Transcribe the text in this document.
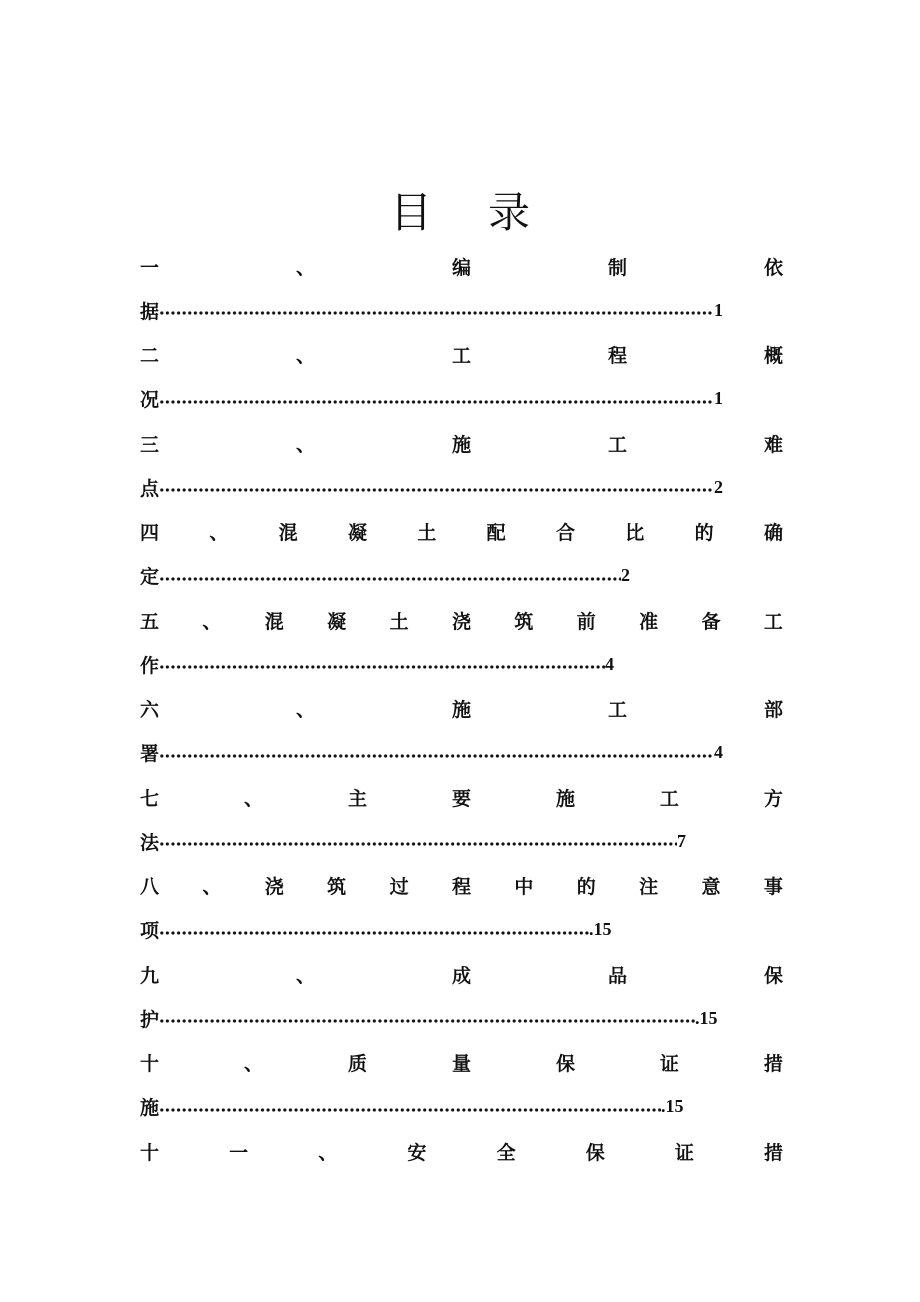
目 录
一	、	编	制	依
据	1
二	、	工	程	概
况	1
三	、	施	工	难
点	2
四	、	混	凝	土	配	合	比	的	确
定	2
五 、 混 凝 土 浇 筑 前 准 备 工
作	4
六	、	施	工	部
署	4
七	、	主	要	施	工	方
法	7
八 、 浇 筑 过 程 中 的 注 意 事
项	.15
九	、	成	品	保
护	.15
十	、	质	量	保	证	措
施	.15
十	一	、	安	全	保	证	措
